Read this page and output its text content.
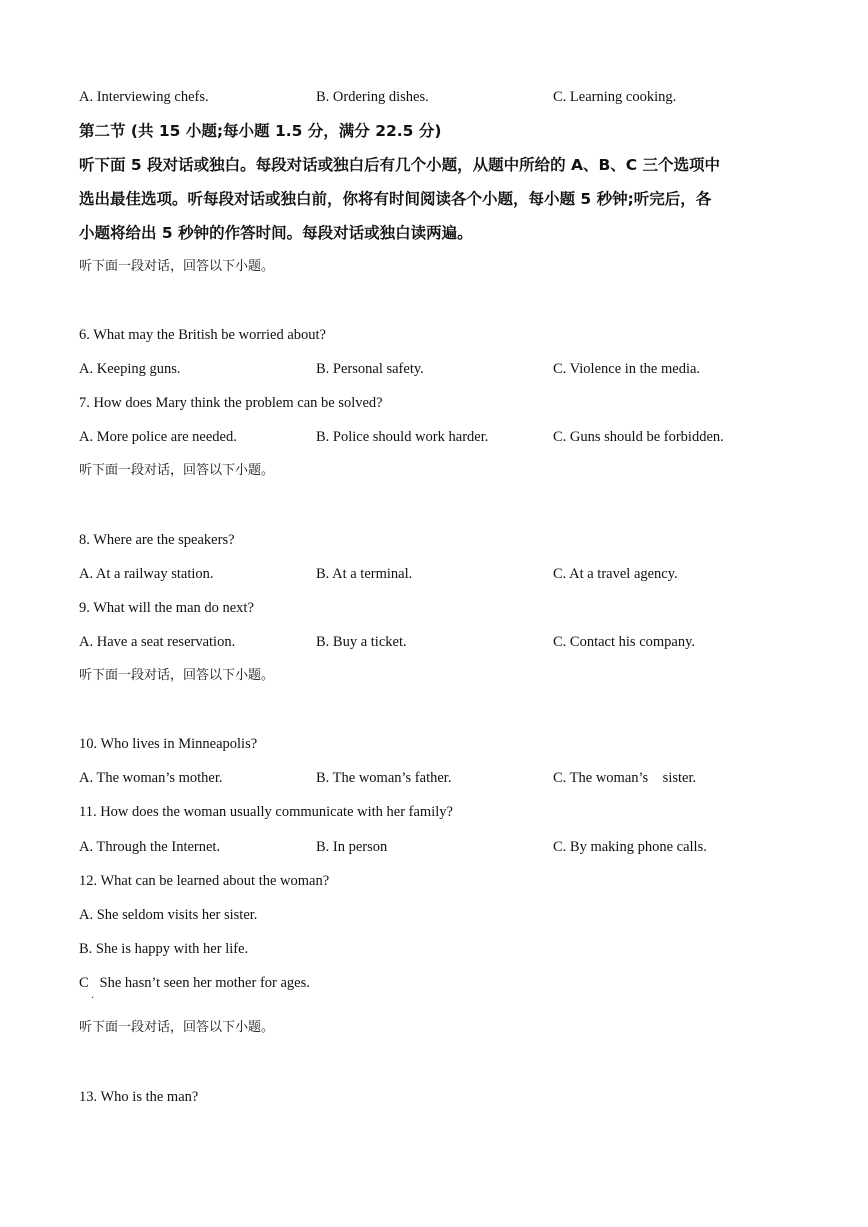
A. Interviewing chefs.	B. Ordering dishes.	C. Learning cooking.
第二节 (共 15 小题;每小题 1.5 分，满分 22.5 分)
听下面 5 段对话或独白。每段对话或独白后有几个小题，从题中所给的 A、B、C 三个选项中
选出最佳选项。听每段对话或独白前，你将有时间阅读各个小题，每小题 5 秒钟;听完后，各
小题将给出 5 秒钟的作答时间。每段对话或独白读两遍。
听下面一段对话，回答以下小题。
6. What may the British be worried about?
A. Keeping guns.	B. Personal safety.	C. Violence in the media.
7. How does Mary think the problem can be solved?
A. More police are needed.	B. Police should work harder.	C. Guns should be forbidden.
听下面一段对话，回答以下小题。
8. Where are the speakers?
A. At a railway station.	B. At a terminal.	C. At a travel agency.
9. What will the man do next?
A. Have a seat reservation.	B. Buy a ticket.	C. Contact his company.
听下面一段对话，回答以下小题。
10. Who lives in Minneapolis?
A. The woman’s mother.	B. The woman’s father.	C. The woman’s    sister.
11. How does the woman usually communicate with her family?
A. Through the Internet.	B. In person	C. By making phone calls.
12. What can be learned about the woman?
A. She seldom visits her sister.
B. She is happy with her life.
C   She hasn’t seen her mother for ages.
·
听下面一段对话，回答以下小题。
13. Who is the man?
